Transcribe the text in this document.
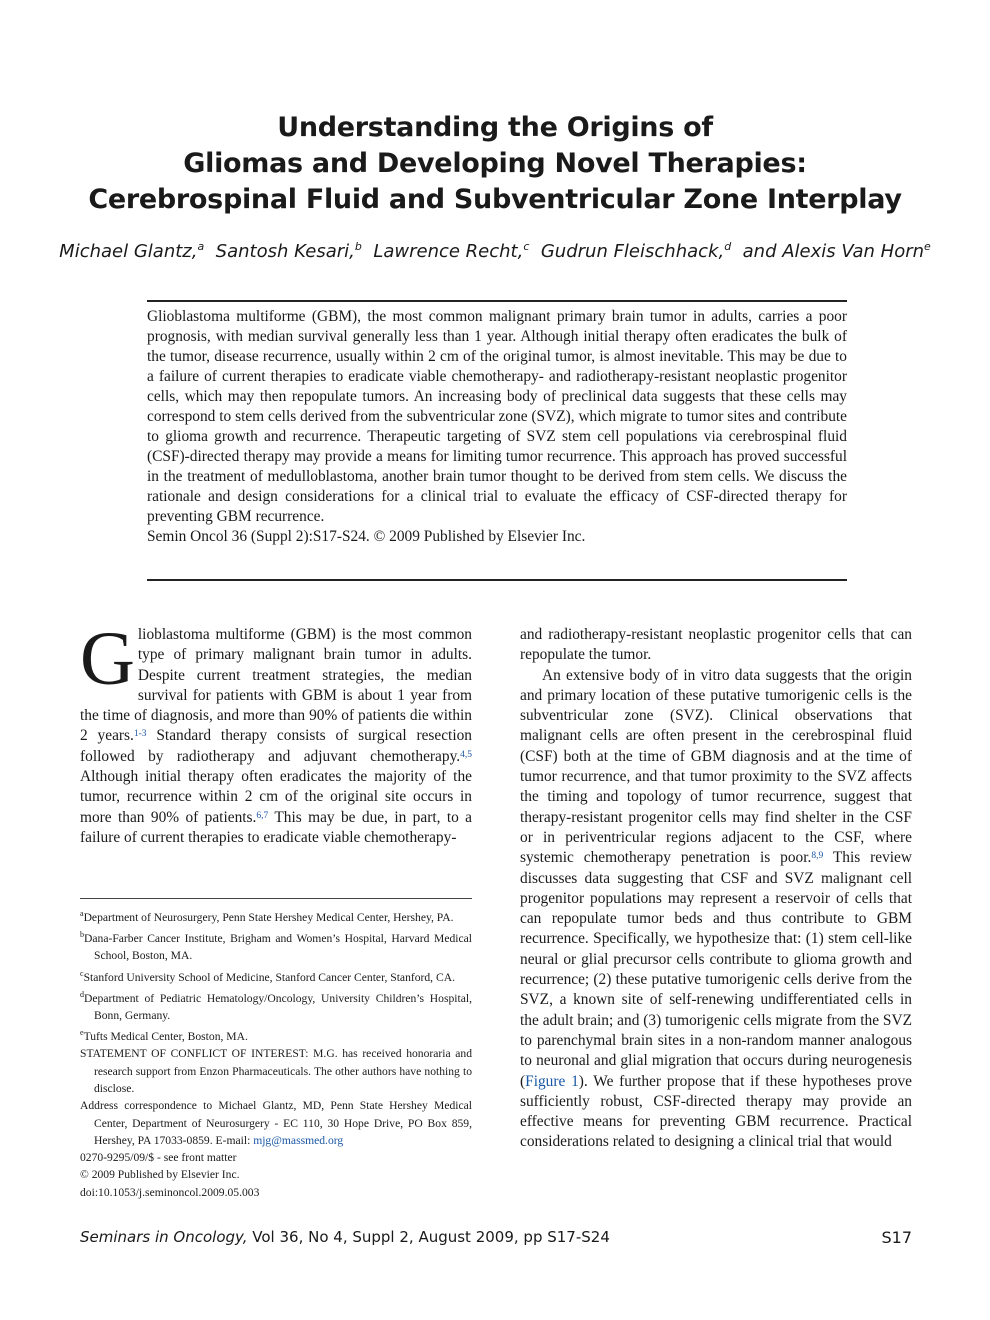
Understanding the Origins of
Gliomas and Developing Novel Therapies:
Cerebrospinal Fluid and Subventricular Zone Interplay
Michael Glantz,$^a$ Santosh Kesari,$^b$ Lawrence Recht,$^c$ Gudrun Fleischhack,$^d$ and Alexis Van Horn$^e$

Glioblastoma multiforme (GBM), the most common malignant primary brain tumor in adults, carries a poor prognosis, with median survival generally less than 1 year. Although initial therapy often eradicates the bulk of the tumor, disease recurrence, usually within 2 cm of the original tumor, is almost inevitable. This may be due to a failure of current therapies to eradicate viable chemotherapy- and radiotherapy-resistant neoplastic progenitor cells, which may then repopulate tumors. An increasing body of preclinical data suggests that these cells may correspond to stem cells derived from the subventricular zone (SVZ), which migrate to tumor sites and contribute to glioma growth and recurrence. Therapeutic targeting of SVZ stem cell populations via cerebrospinal fluid (CSF)-directed therapy may provide a means for limiting tumor recurrence. This approach has proved successful in the treatment of medulloblastoma, another brain tumor thought to be derived from stem cells. We discuss the rationale and design considerations for a clinical trial to evaluate the efficacy of CSF-directed therapy for preventing GBM recurrence.

Semin Oncol 36 (Suppl 2):S17-S24. © 2009 Published by Elsevier Inc.

Glioblastoma multiforme (GBM) is the most common type of primary malignant brain tumor in adults. Despite current treatment strategies, the median survival for patients with GBM is about 1 year from the time of diagnosis, and more than 90% of patients die within 2 years.$^{1-3}$ Standard therapy consists of surgical resection followed by radiotherapy and adjuvant chemotherapy.$^{4,5}$ Although initial therapy often eradicates the majority of the tumor, recurrence within 2 cm of the original site occurs in more than 90% of patients.$^{6,7}$ This may be due, in part, to a failure of current therapies to eradicate viable chemotherapy-

$^a$Department of Neurosurgery, Penn State Hershey Medical Center, Hershey, PA.

$^b$Dana-Farber Cancer Institute, Brigham and Women’s Hospital, Harvard Medical School, Boston, MA.

$^c$Stanford University School of Medicine, Stanford Cancer Center, Stanford, CA.

$^d$Department of Pediatric Hematology/Oncology, University Children’s Hospital, Bonn, Germany.

$^e$Tufts Medical Center, Boston, MA.

STATEMENT OF CONFLICT OF INTEREST: M.G. has received honoraria and research support from Enzon Pharmaceuticals. The other authors have nothing to disclose.

Address correspondence to Michael Glantz, MD, Penn State Hershey Medical Center, Department of Neurosurgery - EC 110, 30 Hope Drive, PO Box 859, Hershey, PA 17033-0859. E-mail: mjg@massmed.org

0270-9295/09/$ - see front matter

© 2009 Published by Elsevier Inc.

doi:10.1053/j.seminoncol.2009.05.003

and radiotherapy-resistant neoplastic progenitor cells that can repopulate the tumor.

An extensive body of in vitro data suggests that the origin and primary location of these putative tumorigenic cells is the subventricular zone (SVZ). Clinical observations that malignant cells are often present in the cerebrospinal fluid (CSF) both at the time of GBM diagnosis and at the time of tumor recurrence, and that tumor proximity to the SVZ affects the timing and topology of tumor recurrence, suggest that therapy-resistant progenitor cells may find shelter in the CSF or in periventricular regions adjacent to the CSF, where systemic chemotherapy penetration is poor.$^{8,9}$ This review discusses data suggesting that CSF and SVZ malignant cell progenitor populations may represent a reservoir of cells that can repopulate tumor beds and thus contribute to GBM recurrence. Specifically, we hypothesize that: (1) stem cell-like neural or glial precursor cells contribute to glioma growth and recurrence; (2) these putative tumorigenic cells derive from the SVZ, a known site of self-renewing undifferentiated cells in the adult brain; and (3) tumorigenic cells migrate from the SVZ to parenchymal brain sites in a non-random manner analogous to neuronal and glial migration that occurs during neurogenesis (Figure 1). We further propose that if these hypotheses prove sufficiently robust, CSF-directed therapy may provide an effective means for preventing GBM recurrence. Practical considerations related to designing a clinical trial that would

Seminars in Oncology, Vol 36, No 4, Suppl 2, August 2009, pp S17-S24	S17
